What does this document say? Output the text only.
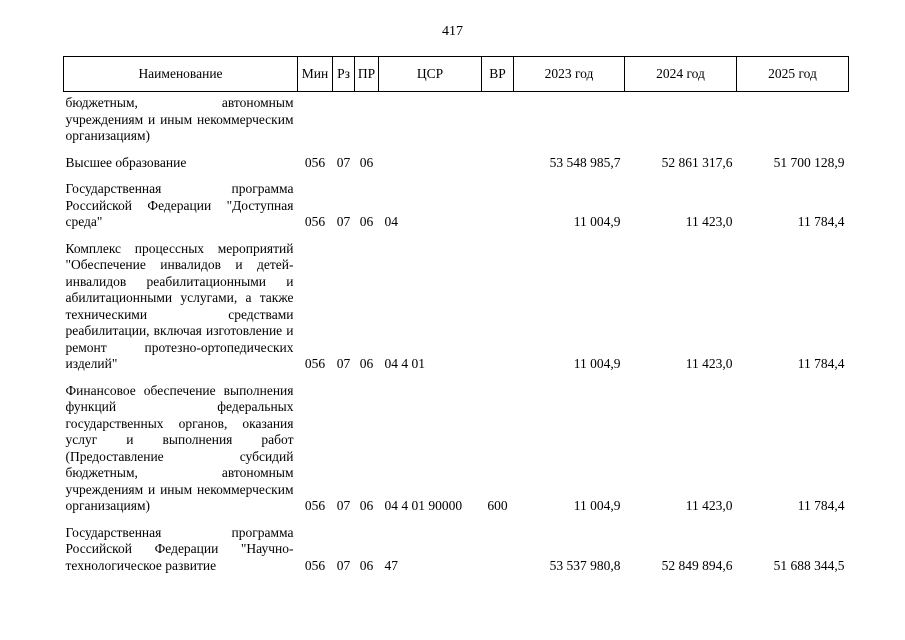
417
Наименование	Мин	Рз	ПР	ЦСР	ВР	2023 год	2024 год	2025 год
бюджетным, автономным учреждениям и иным некоммерческим организациям)								
Высшее образование	056	07	06			53 548 985,7	52 861 317,6	51 700 128,9
Государственная программа Российской Федерации "Доступная среда"	056	07	06	04		11 004,9	11 423,0	11 784,4
Комплекс процессных мероприятий "Обеспечение инвалидов и детей-инвалидов реабилитационными и абилитационными услугами, а также техническими средствами реабилитации, включая изготовление и ремонт протезно-ортопедических изделий"	056	07	06	04 4 01		11 004,9	11 423,0	11 784,4
Финансовое обеспечение выполнения функций федеральных государственных органов, оказания услуг и выполнения работ (Предоставление субсидий бюджетным, автономным учреждениям и иным некоммерческим организациям)	056	07	06	04 4 01 90000	600	11 004,9	11 423,0	11 784,4
Государственная программа Российской Федерации "Научно-технологическое развитие	056	07	06	47		53 537 980,8	52 849 894,6	51 688 344,5
